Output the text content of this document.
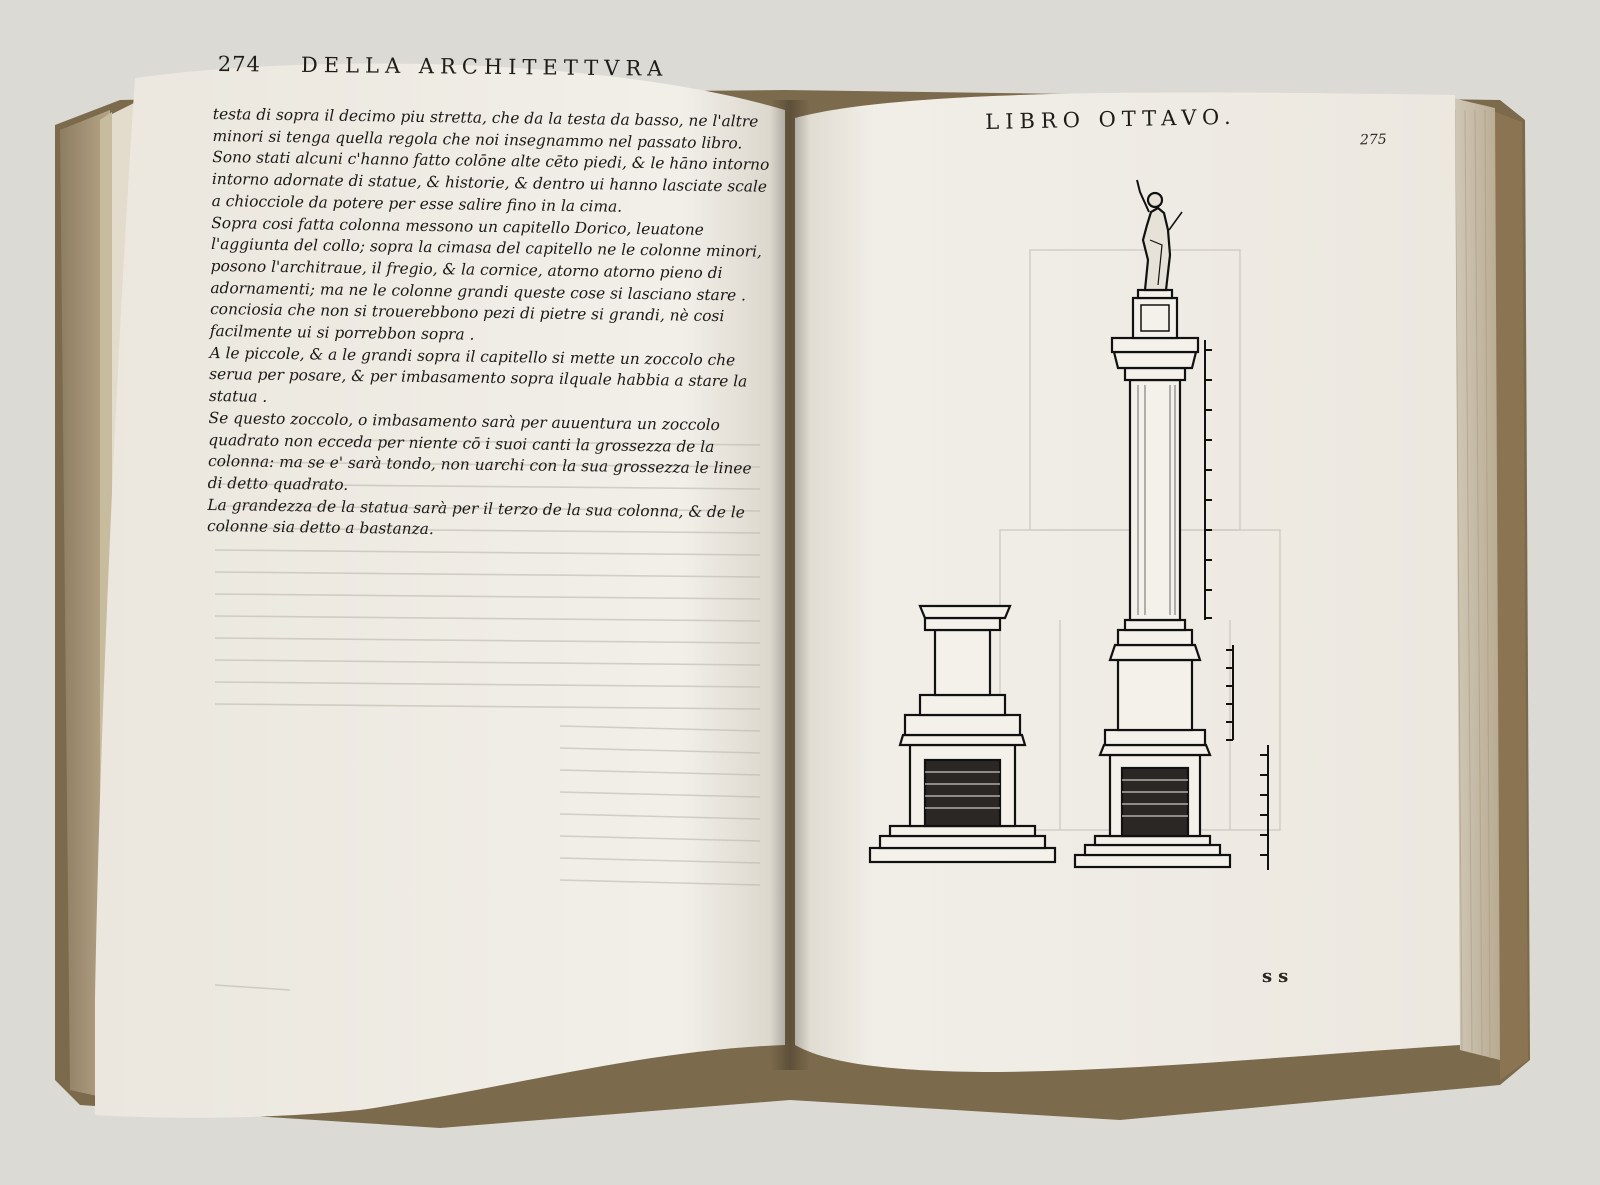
274 DELLA ARCHITETTVRA
testa di sopra il decimo piu stretta, che da la testa da basso, ne l'altre minori si tenga quella regola che noi insegnammo nel passato libro. Sono stati alcuni c'hanno fatto colōne alte cēto piedi, & le hāno intorno intorno adornate di statue, & historie, & dentro ui hanno lasciate scale a chiocciole da potere per esse salire fino in la cima.
Sopra cosi fatta colonna messono un capitello Dorico, leuatone l'aggiunta del collo; sopra la cimasa del capitello ne le colonne minori, posono l'architraue, il fregio, & la cornice, atorno atorno pieno di adornamenti; ma ne le colonne grandi queste cose si lasciano stare . conciosia che non si trouerebbono pezi di pietre si grandi, nè cosi facilmente ui si porrebbon sopra .
A le piccole, & a le grandi sopra il capitello si mette un zoccolo che serua per posare, & per imbasamento sopra ilquale habbia a stare la statua .
Se questo zoccolo, o imbasamento sarà per auuentura un zoccolo quadrato non ecceda per niente cō i suoi canti la grossezza de la colonna: ma se e' sarà tondo, non uarchi con la sua grossezza le linee di detto quadrato.
La grandezza de la statua sarà per il terzo de la sua colonna, & de le colonne sia detto a bastanza.
LIBRO OTTAVO.
275
ss
